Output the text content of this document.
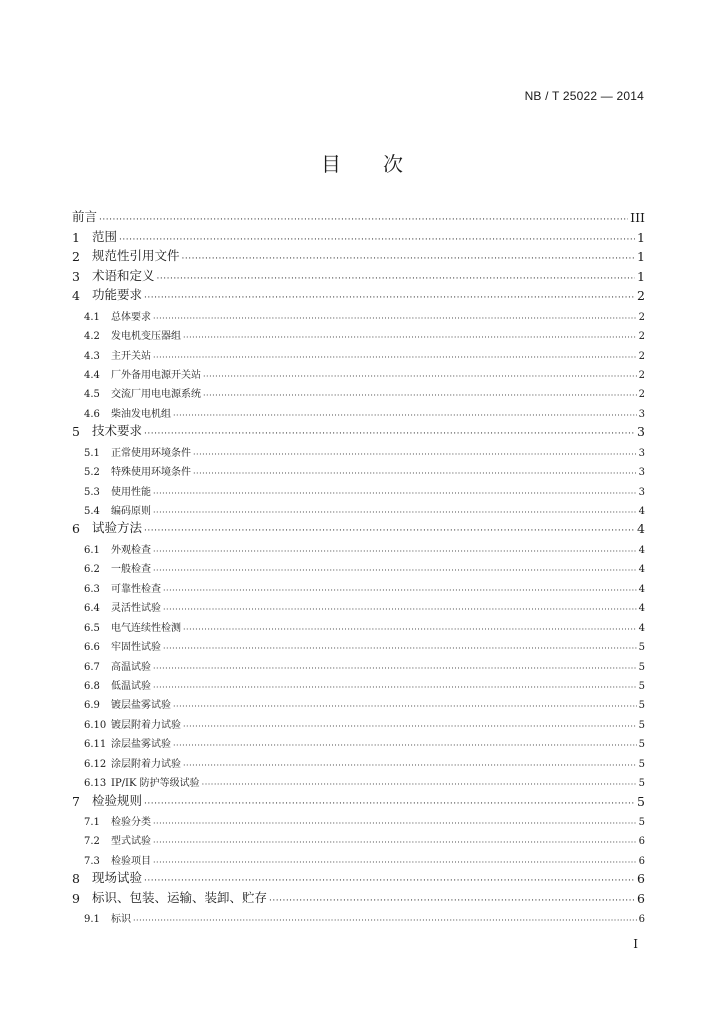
NB / T 25022 — 2014
目 次
前言 ·····	III
1 范围 ·····	1
2 规范性引用文件 ·····	1
3 术语和定义 ·····	1
4 功能要求 ·····	2
4.1	总体要求 ·····	2
4.2	发电机变压器组 ·····	2
4.3	主开关站 ·····	2
4.4	厂外备用电源开关站 ·····	2
4.5	交流厂用电电源系统 ·····	2
4.6	柴油发电机组 ·····	3
5 技术要求 ·····	3
5.1	正常使用环境条件 ·····	3
5.2	特殊使用环境条件 ·····	3
5.3	使用性能 ·····	3
5.4	编码原则 ·····	4
6 试验方法 ·····	4
6.1	外观检查 ·····	4
6.2	一般检查 ·····	4
6.3	可靠性检查 ·····	4
6.4	灵活性试验 ·····	4
6.5	电气连续性检测 ·····	4
6.6	牢固性试验 ·····	5
6.7	高温试验 ·····	5
6.8	低温试验 ·····	5
6.9	镀层盐雾试验 ·····	5
6.10 镀层附着力试验 ·····	5
6.11 涂层盐雾试验 ·····	5
6.12 涂层附着力试验 ·····	5
6.13 IP/IK 防护等级试验 ·····	5
7 检验规则 ·····	5
7.1	检验分类 ·····	5
7.2	型式试验 ·····	6
7.3	检验项目 ·····	6
8 现场试验 ·····	6
9 标识、包装、运输、装卸、贮存 ·····	6
9.1	标识 ·····	6
I
